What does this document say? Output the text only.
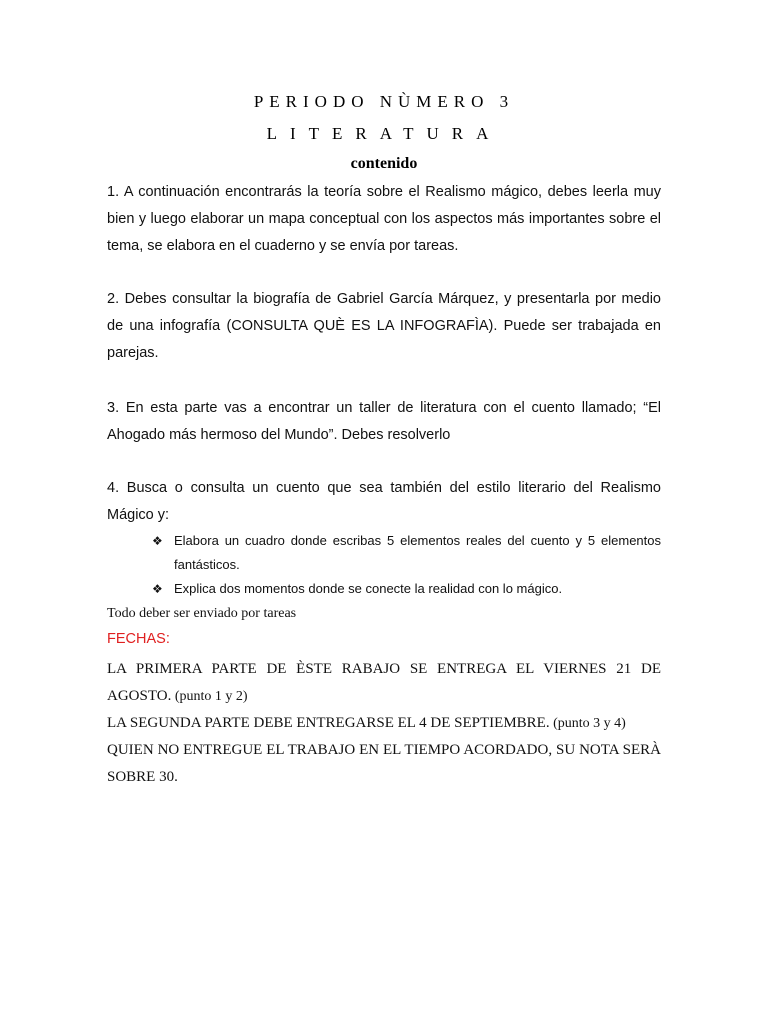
PERIODO NÙMERO 3
LITERATURA
contenido
1. A continuación encontrarás la teoría sobre el Realismo mágico, debes leerla muy bien y luego elaborar un mapa conceptual con los aspectos más importantes sobre el tema, se elabora en el cuaderno y se envía por tareas.
2. Debes consultar la biografía de Gabriel García Márquez, y presentarla por medio de una infografía (CONSULTA QUÈ ES LA INFOGRAFÌA). Puede ser trabajada en parejas.
3. En esta parte vas a encontrar un taller de literatura con el cuento llamado; “El Ahogado más hermoso del Mundo”. Debes resolverlo
4. Busca o consulta un cuento que sea también del estilo literario del Realismo Mágico y:
❖ Elabora un cuadro donde escribas 5 elementos reales del cuento y 5 elementos fantásticos.
❖ Explica dos momentos donde se conecte la realidad con lo mágico.
Todo deber ser enviado por tareas
FECHAS:
LA PRIMERA PARTE DE ÈSTE RABAJO SE ENTREGA EL VIERNES 21 DE AGOSTO. (punto 1 y 2)
LA SEGUNDA PARTE DEBE ENTREGARSE EL 4 DE SEPTIEMBRE. (punto 3 y 4)
QUIEN NO ENTREGUE EL TRABAJO EN EL TIEMPO ACORDADO, SU NOTA SERÀ SOBRE 30.
